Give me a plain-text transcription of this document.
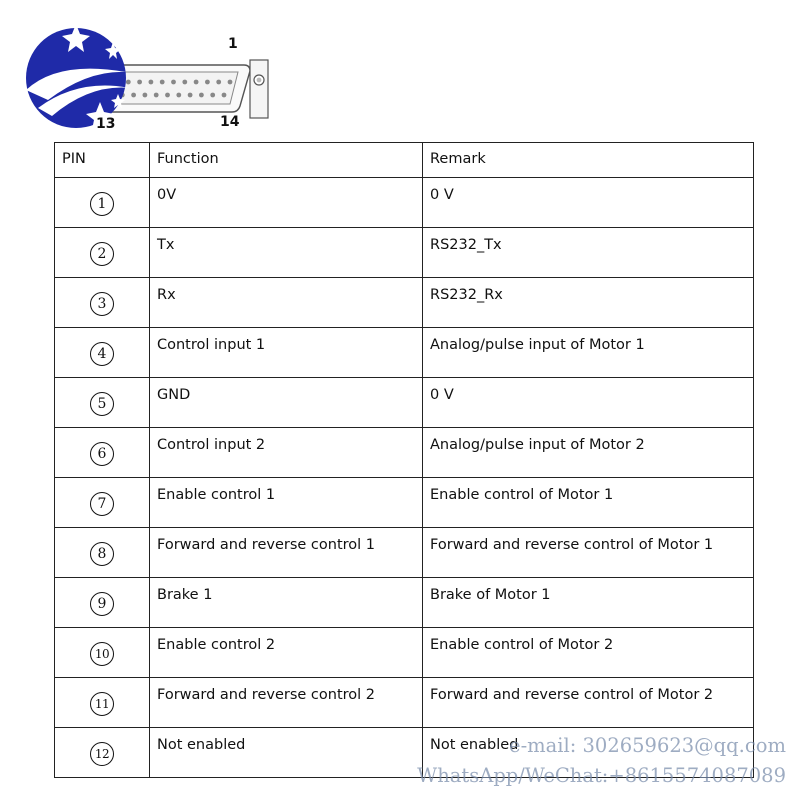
1
14
13
PIN	Function	Remark
1	0V	0 V
2	Tx	RS232_Tx
3	Rx	RS232_Rx
4	Control input 1	Analog/pulse input of Motor 1
5	GND	0 V
6	Control input 2	Analog/pulse input of Motor 2
7	Enable control 1	Enable control of Motor 1
8	Forward and reverse control 1	Forward and reverse control of Motor 1
9	Brake 1	Brake of Motor 1
10	Enable control 2	Enable control of Motor 2
11	Forward and reverse control 2	Forward and reverse control of Motor 2
12	Not enabled	Not enabled
e-mail: 302659623@qq.com
WhatsApp/WeChat:+8615574087089
